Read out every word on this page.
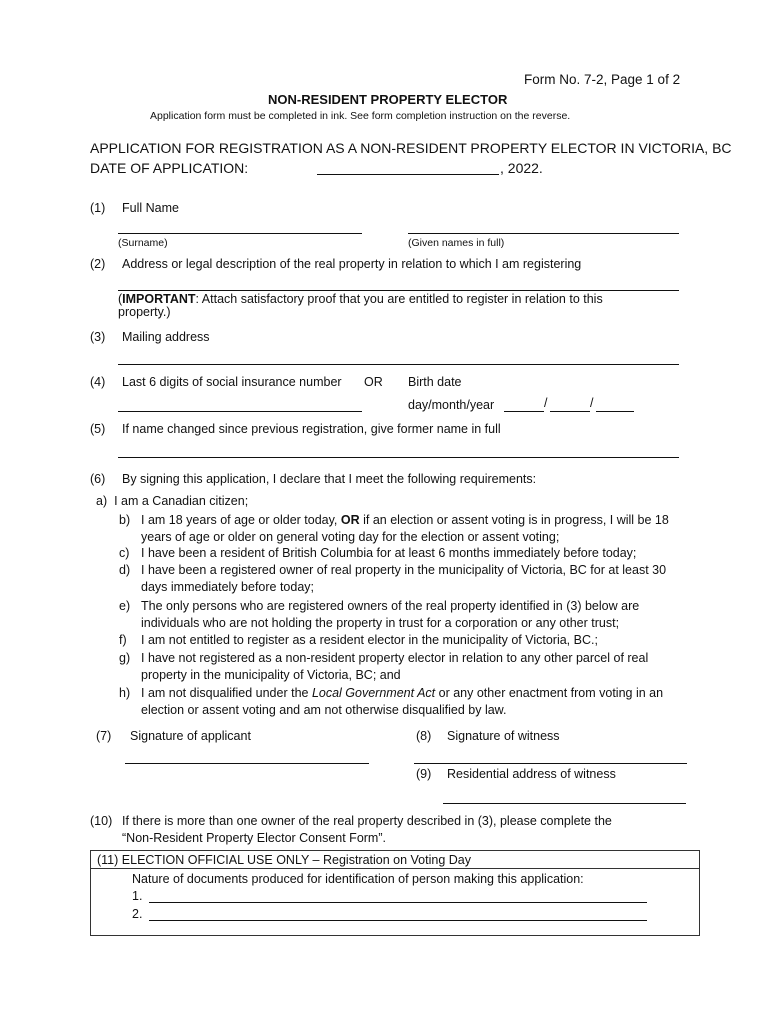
Form No. 7-2, Page 1 of 2
NON-RESIDENT PROPERTY ELECTOR
Application form must be completed in ink. See form completion instruction on the reverse.
APPLICATION FOR REGISTRATION AS A NON-RESIDENT PROPERTY ELECTOR IN VICTORIA, BC
DATE OF APPLICATION:	, 2022.
(1) Full Name
(Surname)	(Given names in full)
(2) Address or legal description of the real property in relation to which I am registering
(IMPORTANT: Attach satisfactory proof that you are entitled to register in relation to this property.)
(3) Mailing address
(4) Last 6 digits of social insurance number OR Birth date
day/month/year	/	/
(5) If name changed since previous registration, give former name in full
(6) By signing this application, I declare that I meet the following requirements:
a) I am a Canadian citizen;
b) I am 18 years of age or older today, OR if an election or assent voting is in progress, I will be 18 years of age or older on general voting day for the election or assent voting;
c) I have been a resident of British Columbia for at least 6 months immediately before today;
d) I have been a registered owner of real property in the municipality of Victoria, BC for at least 30 days immediately before today;
e) The only persons who are registered owners of the real property identified in (3) below are individuals who are not holding the property in trust for a corporation or any other trust;
f) I am not entitled to register as a resident elector in the municipality of Victoria, BC.;
g) I have not registered as a non-resident property elector in relation to any other parcel of real property in the municipality of Victoria, BC; and
h) I am not disqualified under the Local Government Act or any other enactment from voting in an election or assent voting and am not otherwise disqualified by law.
(7) Signature of applicant	(8) Signature of witness
(9) Residential address of witness
(10) If there is more than one owner of the real property described in (3), please complete the “Non-Resident Property Elector Consent Form”.
(11) ELECTION OFFICIAL USE ONLY – Registration on Voting Day
Nature of documents produced for identification of person making this application:
1.
2.
